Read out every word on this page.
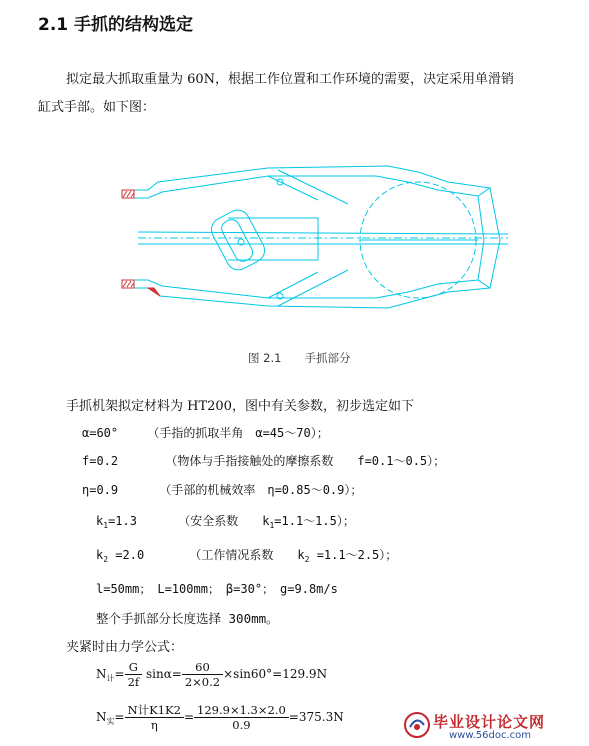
2.1 手抓的结构选定
拟定最大抓取重量为 60N，根据工作位置和工作环境的需要，决定采用单滑销
缸式手部。如下图：
图 2.1　　手抓部分
手抓机架拟定材料为 HT200，图中有关参数，初步选定如下
α=60° （手指的抓取半角　α=45～70）；
f=0.2	（物体与手指接触处的摩擦系数　　f=0.1～0.5）；
η=0.9	（手部的机械效率　η=0.85～0.9）；
$k_1=1.3$	（安全系数　　$k_1=1.1\sim 1.5$）；
$k_2 =2.0$	（工作情况系数　　$k_2$ =1.1～2.5）；
l=50mm；　L=100mm；　β=30°；　g=9.8m/s
整个手抓部分长度选择 300mm。
夹紧时由力学公式：
$N_计= \frac{G}{2f} \sin\alpha= \frac{60}{2\times 0.2} \times\sin 60^\circ=129.9N$
$N_实= \frac{\text{N计K1K2}}{\eta} = \frac{129.9\times 1.3\times 2.0}{0.9} =375.3N$	毕业设计论文网
www.56doc.com
